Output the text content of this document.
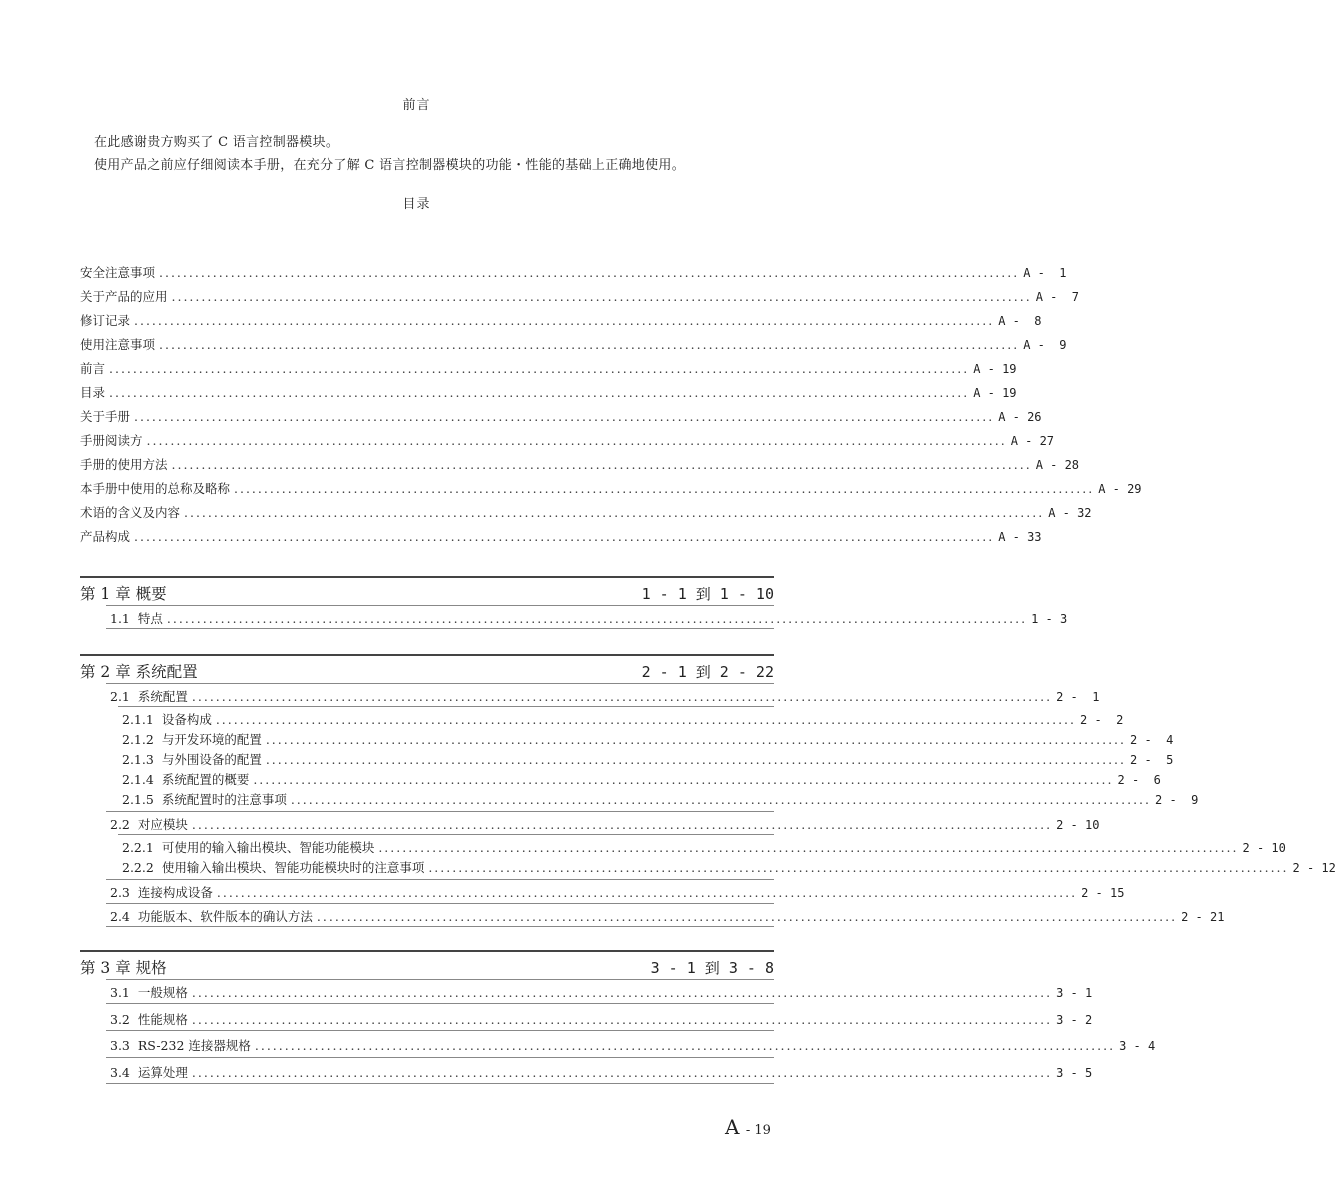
前言
在此感谢贵方购买了 C 语言控制器模块。
使用产品之前应仔细阅读本手册，在充分了解 C 语言控制器模块的功能・性能的基础上正确地使用。
目录
安全注意事项 ................................................................................................................................................ A -  1
关于产品的应用 ................................................................................................................................................ A -  7
修订记录 ................................................................................................................................................ A -  8
使用注意事项 ................................................................................................................................................ A -  9
前言 ................................................................................................................................................ A - 19
目录 ................................................................................................................................................ A - 19
关于手册 ................................................................................................................................................ A - 26
手册阅读方 ................................................................................................................................................ A - 27
手册的使用方法 ................................................................................................................................................ A - 28
本手册中使用的总称及略称 ................................................................................................................................................ A - 29
术语的含义及内容 ................................................................................................................................................ A - 32
产品构成 ................................................................................................................................................ A - 33
第 1 章 概要	1 - 1 到 1 - 10
1.1 特点 ................................................................................................................................................ 1 - 3
第 2 章 系统配置	2 - 1 到 2 - 22
2.1 系统配置 ................................................................................................................................................ 2 -  1
2.1.1 设备构成 ................................................................................................................................................ 2 -  2
2.1.2 与开发环境的配置 ................................................................................................................................................ 2 -  4
2.1.3 与外围设备的配置 ................................................................................................................................................ 2 -  5
2.1.4 系统配置的概要 ................................................................................................................................................ 2 -  6
2.1.5 系统配置时的注意事项 ................................................................................................................................................ 2 -  9
2.2 对应模块 ................................................................................................................................................ 2 - 10
2.2.1 可使用的输入输出模块、智能功能模块 ................................................................................................................................................ 2 - 10
2.2.2 使用输入输出模块、智能功能模块时的注意事项 ................................................................................................................................................ 2 - 12
2.3 连接构成设备 ................................................................................................................................................ 2 - 15
2.4 功能版本、软件版本的确认方法 ................................................................................................................................................ 2 - 21
第 3 章 规格	3 - 1 到 3 - 8
3.1 一般规格 ................................................................................................................................................ 3 - 1
3.2 性能规格 ................................................................................................................................................ 3 - 2
3.3 RS-232 连接器规格 ................................................................................................................................................ 3 - 4
3.4 运算处理 ................................................................................................................................................ 3 - 5
A - 19
